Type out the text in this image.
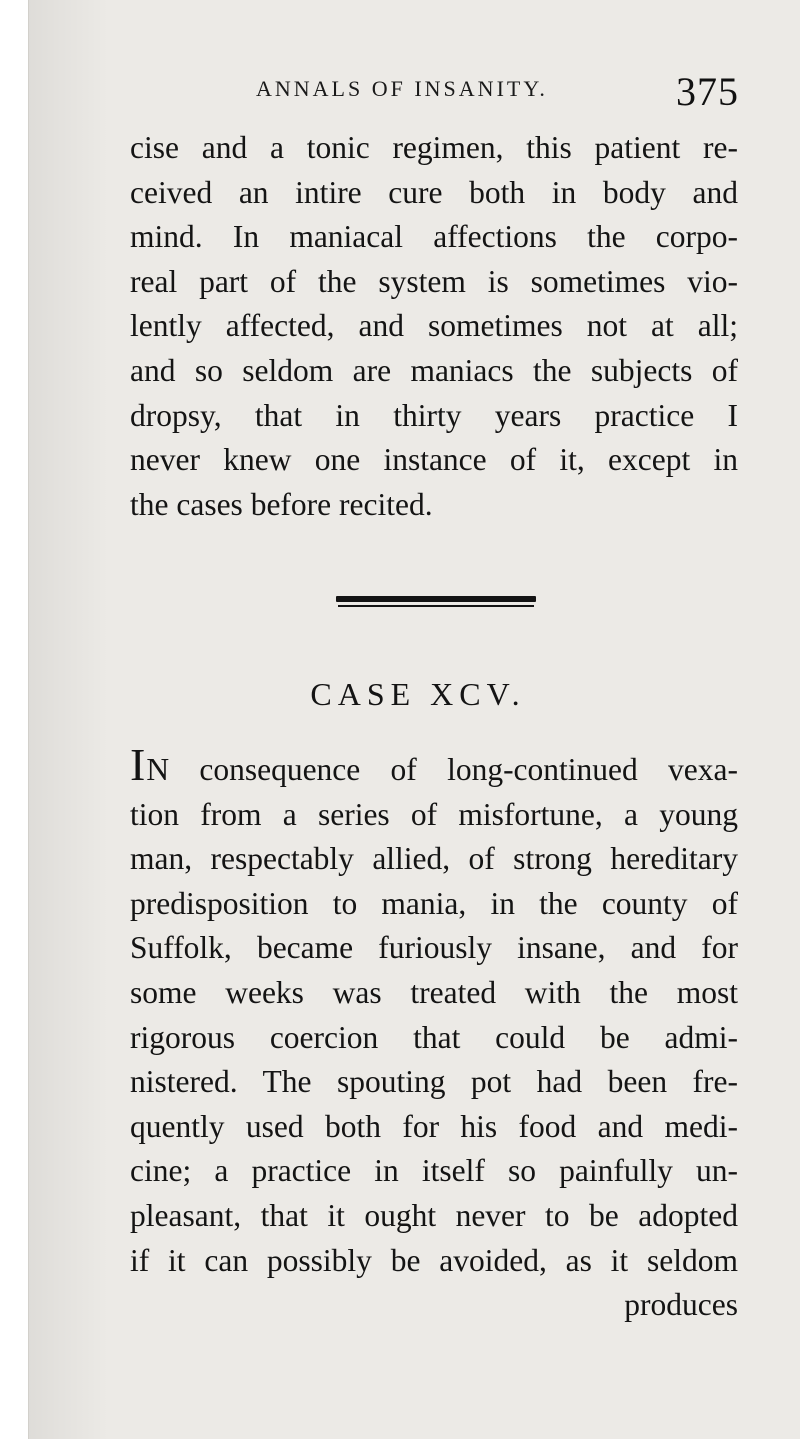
ANNALS OF INSANITY.	375
cise and a tonic regimen, this patient re-
ceived an intire cure both in body and
mind. In maniacal affections the corpo-
real part of the system is sometimes vio-
lently affected, and sometimes not at all;
and so seldom are maniacs the subjects of
dropsy, that in thirty years practice I
never knew one instance of it, except in
the cases before recited.
CASE XCV.
IN consequence of long-continued vexa-
tion from a series of misfortune, a young
man, respectably allied, of strong hereditary
predisposition to mania, in the county of
Suffolk, became furiously insane, and for
some weeks was treated with the most
rigorous coercion that could be admi-
nistered. The spouting pot had been fre-
quently used both for his food and medi-
cine; a practice in itself so painfully un-
pleasant, that it ought never to be adopted
if it can possibly be avoided, as it seldom
produces
